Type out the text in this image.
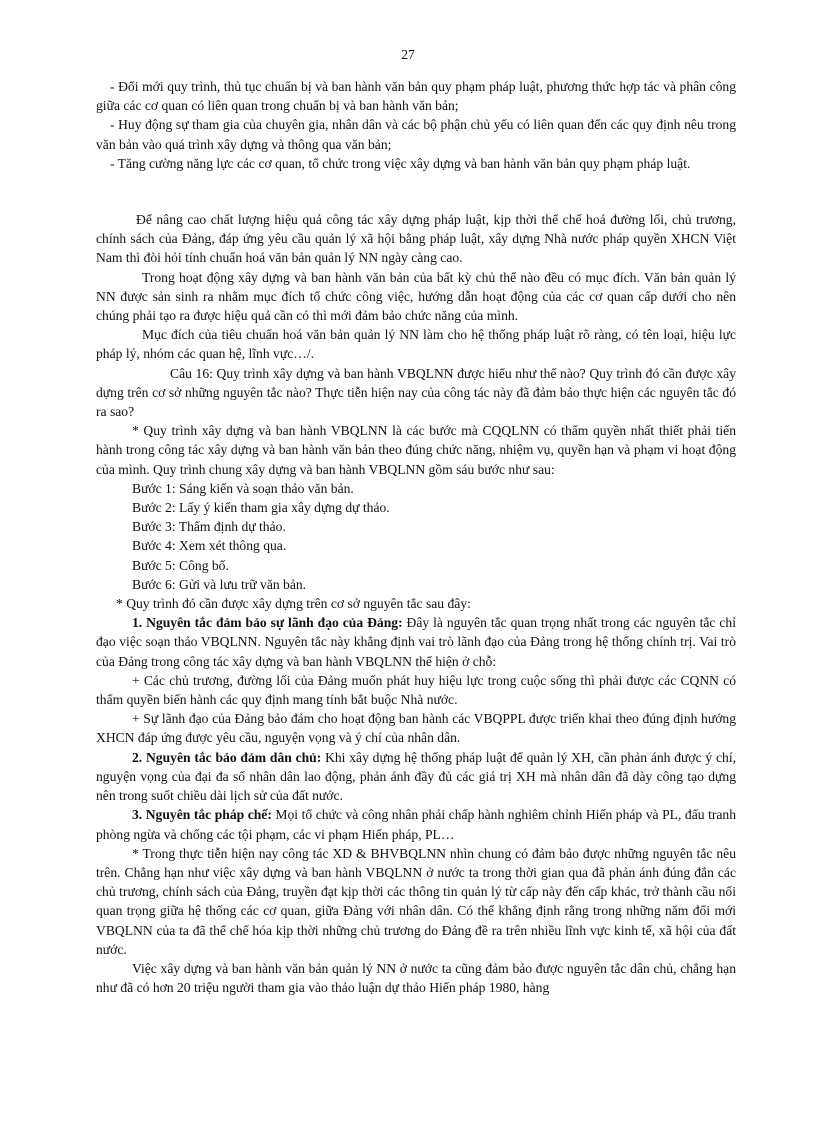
27

- Đổi mới quy trình, thủ tục chuẩn bị và ban hành văn bản quy phạm pháp luật, phương thức hợp tác và phân công giữa các cơ quan có liên quan trong chuẩn bị và ban hành văn bản;

- Huy động sự tham gia của chuyên gia, nhân dân và các bộ phận chủ yếu có liên quan đến các quy định nêu trong văn bản vào quá trình xây dựng và thông qua văn bản;

- Tăng cường năng lực các cơ quan, tổ chức trong việc xây dựng và ban hành văn bản quy phạm pháp luật.

Để nâng cao chất lượng hiệu quả công tác xây dựng pháp luật, kịp thời thể chế hoá đường lối, chủ trương, chính sách của Đảng, đáp ứng yêu cầu quản lý xã hội bằng pháp luật, xây dựng Nhà nước pháp quyền XHCN Việt Nam thì đòi hỏi tính chuẩn hoá văn bản quản lý NN ngày càng cao.

Trong hoạt động xây dựng và ban hành văn bản của bất kỳ chủ thể nào đều có mục đích. Văn bản quản lý NN được sản sinh ra nhằm mục đích tổ chức công việc, hướng dẫn hoạt động của các cơ quan cấp dưới cho nên chúng phải tạo ra được hiệu quả cần có thì mới đảm bảo chức năng của mình.

Mục đích của tiêu chuẩn hoá văn bản quản lý NN làm cho hệ thống pháp luật rõ ràng, có tên loại, hiệu lực pháp lý, nhóm các quan hệ, lĩnh vực…/.

Câu 16: Quy trình xây dựng và ban hành VBQLNN được hiểu như thế nào? Quy trình đó cần được xây dựng trên cơ sở những nguyên tắc nào? Thực tiễn hiện nay của công tác này đã đảm bảo thực hiện các nguyên tắc đó ra sao?

* Quy trình xây dựng và ban hành VBQLNN là các bước mà CQQLNN có thẩm quyền nhất thiết phải tiến hành trong công tác xây dựng và ban hành văn bản theo đúng chức năng, nhiệm vụ, quyền hạn và phạm vi hoạt động của mình. Quy trình chung xây dựng và ban hành VBQLNN gồm sáu bước như sau:

Bước 1: Sáng kiến và soạn thảo văn bản.

Bước 2: Lấy ý kiến tham gia xây dựng dự thảo.

Bước 3: Thẩm định dự thảo.

Bước 4: Xem xét thông qua.

Bước 5: Công bố.

Bước 6: Gửi và lưu trữ văn bản.

* Quy trình đó cần được xây dựng trên cơ sở nguyên tắc sau đây:

1. Nguyên tắc đảm bảo sự lãnh đạo của Đảng: Đây là nguyên tắc quan trọng nhất trong các nguyên tắc chỉ đạo việc soạn thảo VBQLNN. Nguyên tắc này khẳng định vai trò lãnh đạo của Đảng trong hệ thống chính trị. Vai trò của Đảng trong công tác xây dựng và ban hành VBQLNN thể hiện ở chỗ:

+ Các chủ trương, đường lối của Đảng muốn phát huy hiệu lực trong cuộc sống thì phải được các CQNN có thẩm quyền biến hành các quy định mang tính bắt buộc Nhà nước.

+ Sự lãnh đạo của Đảng bảo đảm cho hoạt động ban hành các VBQPPL được triển khai theo đúng định hướng XHCN đáp ứng được yêu cầu, nguyện vọng và ý chí của nhân dân.

2. Nguyên tắc bảo đảm dân chủ: Khi xây dựng hệ thống pháp luật để quản lý XH, cần phản ánh được ý chí, nguyện vọng của đại đa số nhân dân lao động, phản ánh đầy đủ các giá trị XH mà nhân dân đã dày công tạo dựng nên trong suốt chiều dài lịch sử của đất nước.

3. Nguyên tắc pháp chế: Mọi tổ chức và công nhân phải chấp hành nghiêm chỉnh Hiến pháp và PL, đấu tranh phòng ngừa và chống các tội phạm, các vi phạm Hiến pháp, PL…

* Trong thực tiễn hiện nay công tác XD & BHVBQLNN nhìn chung có đảm bảo được những nguyên tắc nêu trên. Chẳng hạn như việc xây dựng và ban hành VBQLNN ở nước ta trong thời gian qua đã phản ánh đúng đắn các chủ trương, chính sách của Đảng, truyền đạt kịp thời các thông tin quản lý từ cấp này đến cấp khác, trở thành cầu nối quan trọng giữa hệ thống các cơ quan, giữa Đảng với nhân dân. Có thể khẳng định rằng trong những năm đổi mới VBQLNN của ta đã thể chế hóa kịp thời những chủ trương do Đảng đề ra trên nhiều lĩnh vực kinh tế, xã hội của đất nước.

Việc xây dựng và ban hành văn bản quản lý NN ở nước ta cũng đảm bảo được nguyên tắc dân chủ, chẳng hạn như đã có hơn 20 triệu người tham gia vào thảo luận dự thảo Hiến pháp 1980, hàng
